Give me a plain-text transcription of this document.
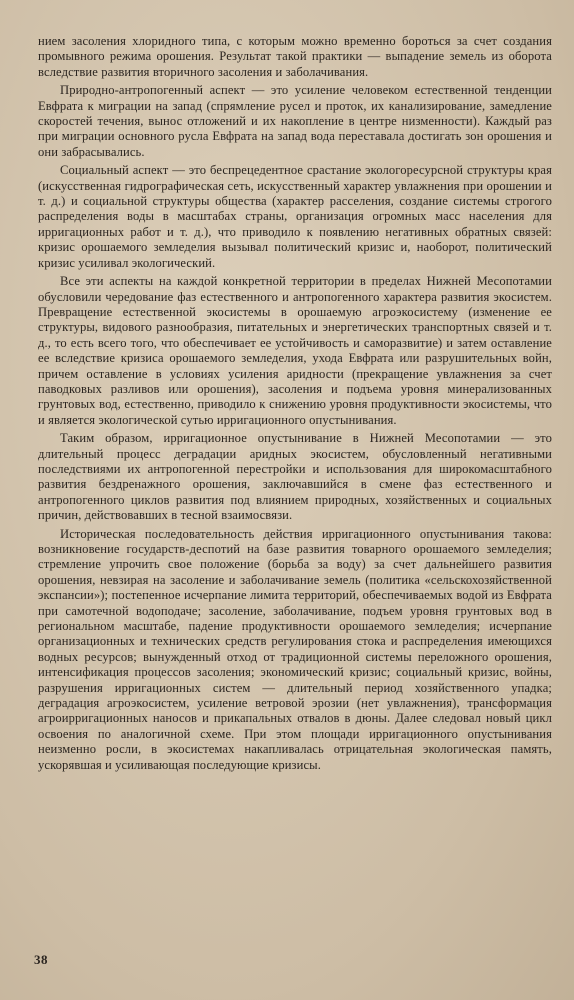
нием засоления хлоридного типа, с которым можно временно бороться за счет создания промывного режима орошения. Результат такой практики — выпадение земель из оборота вследствие развития вторичного засоления и заболачивания.

Природно-антропогенный аспект — это усиление человеком естественной тенденции Евфрата к миграции на запад (спрямление русел и проток, их канализирование, замедление скоростей течения, вынос отложений и их накопление в центре низменности). Каждый раз при миграции основного русла Евфрата на запад вода переставала достигать зон орошения и они забрасывались.

Социальный аспект — это беспрецедентное срастание экологоресурсной структуры края (искусственная гидрографическая сеть, искусственный характер увлажнения при орошении и т. д.) и социальной структуры общества (характер расселения, создание системы строгого распределения воды в масштабах страны, организация огромных масс населения для ирригационных работ и т. д.), что приводило к появлению негативных обратных связей: кризис орошаемого земледелия вызывал политический кризис и, наоборот, политический кризис усиливал экологический.

Все эти аспекты на каждой конкретной территории в пределах Нижней Месопотамии обусловили чередование фаз естественного и антропогенного характера развития экосистем. Превращение естественной экосистемы в орошаемую агроэкосистему (изменение ее структуры, видового разнообразия, питательных и энергетических транспортных связей и т. д., то есть всего того, что обеспечивает ее устойчивость и саморазвитие) и затем оставление ее вследствие кризиса орошаемого земледелия, ухода Евфрата или разрушительных войн, причем оставление в условиях усиления аридности (прекращение увлажнения за счет паводковых разливов или орошения), засоления и подъема уровня минерализованных грунтовых вод, естественно, приводило к снижению уровня продуктивности экосистемы, что и является экологической сутью ирригационного опустынивания.

Таким образом, ирригационное опустынивание в Нижней Месопотамии — это длительный процесс деградации аридных экосистем, обусловленный негативными последствиями их антропогенной перестройки и использования для широкомасштабного развития бездренажного орошения, заключавшийся в смене фаз естественного и антропогенного циклов развития под влиянием природных, хозяйственных и социальных причин, действовавших в тесной взаимосвязи.

Историческая последовательность действия ирригационного опустынивания такова: возникновение государств-деспотий на базе развития товарного орошаемого земледелия; стремление упрочить свое положение (борьба за воду) за счет дальнейшего развития орошения, невзирая на засоление и заболачивание земель (политика «сельскохозяйственной экспансии»); постепенное исчерпание лимита территорий, обеспечиваемых водой из Евфрата при самотечной водоподаче; засоление, заболачивание, подъем уровня грунтовых вод в региональном масштабе, падение продуктивности орошаемого земледелия; исчерпание организационных и технических средств регулирования стока и распределения имеющихся водных ресурсов; вынужденный отход от традиционной системы переложного орошения, интенсификация процессов засоления; экономический кризис; социальный кризис, войны, разрушения ирригационных систем — длительный период хозяйственного упадка; деградация агроэкосистем, усиление ветровой эрозии (нет увлажнения), трансформация агроирригационных наносов и прикапальных отвалов в дюны. Далее следовал новый цикл освоения по аналогичной схеме. При этом площади ирригационного опустынивания неизменно росли, в экосистемах накапливалась отрицательная экологическая память, ускорявшая и усиливающая последующие кризисы.

38
